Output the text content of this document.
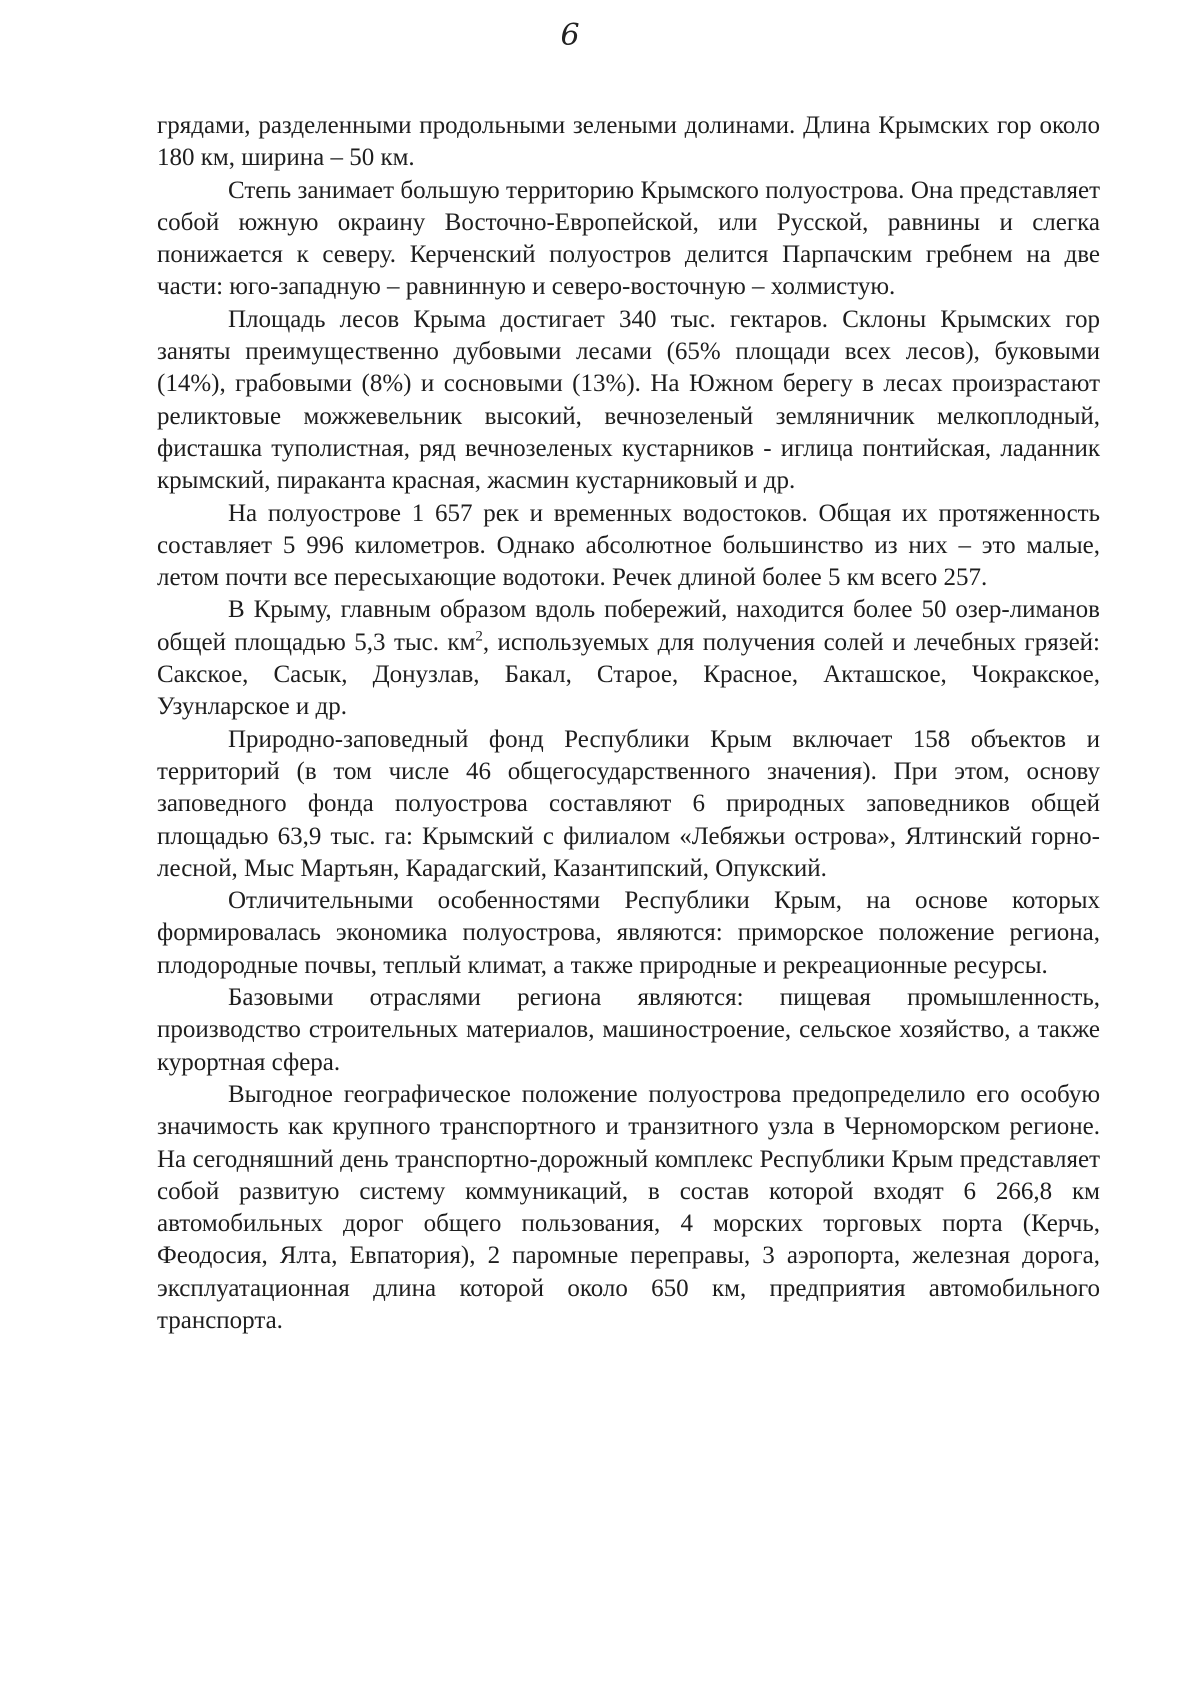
6

грядами, разделенными продольными зелеными долинами. Длина Крымских гор около 180 км, ширина – 50 км.

Степь занимает большую территорию Крымского полуострова. Она представляет собой южную окраину Восточно-Европейской, или Русской, равнины и слегка понижается к северу. Керченский полуостров делится Парпачским гребнем на две части: юго-западную – равнинную и северо-восточную – холмистую.

Площадь лесов Крыма достигает 340 тыс. гектаров. Склоны Крымских гор заняты преимущественно дубовыми лесами (65% площади всех лесов), буковыми (14%), грабовыми (8%) и сосновыми (13%). На Южном берегу в лесах произрастают реликтовые можжевельник высокий, вечнозеленый земляничник мелкоплодный, фисташка туполистная, ряд вечнозеленых кустарников - иглица понтийская, ладанник крымский, пираканта красная, жасмин кустарниковый и др.

На полуострове 1 657 рек и временных водостоков. Общая их протяженность составляет 5 996 километров. Однако абсолютное большинство из них – это малые, летом почти все пересыхающие водотоки. Речек длиной более 5 км всего 257.

В Крыму, главным образом вдоль побережий, находится более 50 озер-лиманов общей площадью 5,3 тыс. $км^2$, используемых для получения солей и лечебных грязей: Сакское, Сасык, Донузлав, Бакал, Старое, Красное, Акташское, Чокракское, Узунларское и др.

Природно-заповедный фонд Республики Крым включает 158 объектов и территорий (в том числе 46 общегосударственного значения). При этом, основу заповедного фонда полуострова составляют 6 природных заповедников общей площадью 63,9 тыс. га: Крымский с филиалом «Лебяжьи острова», Ялтинский горно-лесной, Мыс Мартьян, Карадагский, Казантипский, Опукский.

Отличительными особенностями Республики Крым, на основе которых формировалась экономика полуострова, являются: приморское положение региона, плодородные почвы, теплый климат, а также природные и рекреационные ресурсы.

Базовыми отраслями региона являются: пищевая промышленность, производство строительных материалов, машиностроение, сельское хозяйство, а также курортная сфера.

Выгодное географическое положение полуострова предопределило его особую значимость как крупного транспортного и транзитного узла в Черноморском регионе. На сегодняшний день транспортно-дорожный комплекс Республики Крым представляет собой развитую систему коммуникаций, в состав которой входят 6 266,8 км автомобильных дорог общего пользования, 4 морских торговых порта (Керчь, Феодосия, Ялта, Евпатория), 2 паромные переправы, 3 аэропорта, железная дорога, эксплуатационная длина которой около 650 км, предприятия автомобильного транспорта.
